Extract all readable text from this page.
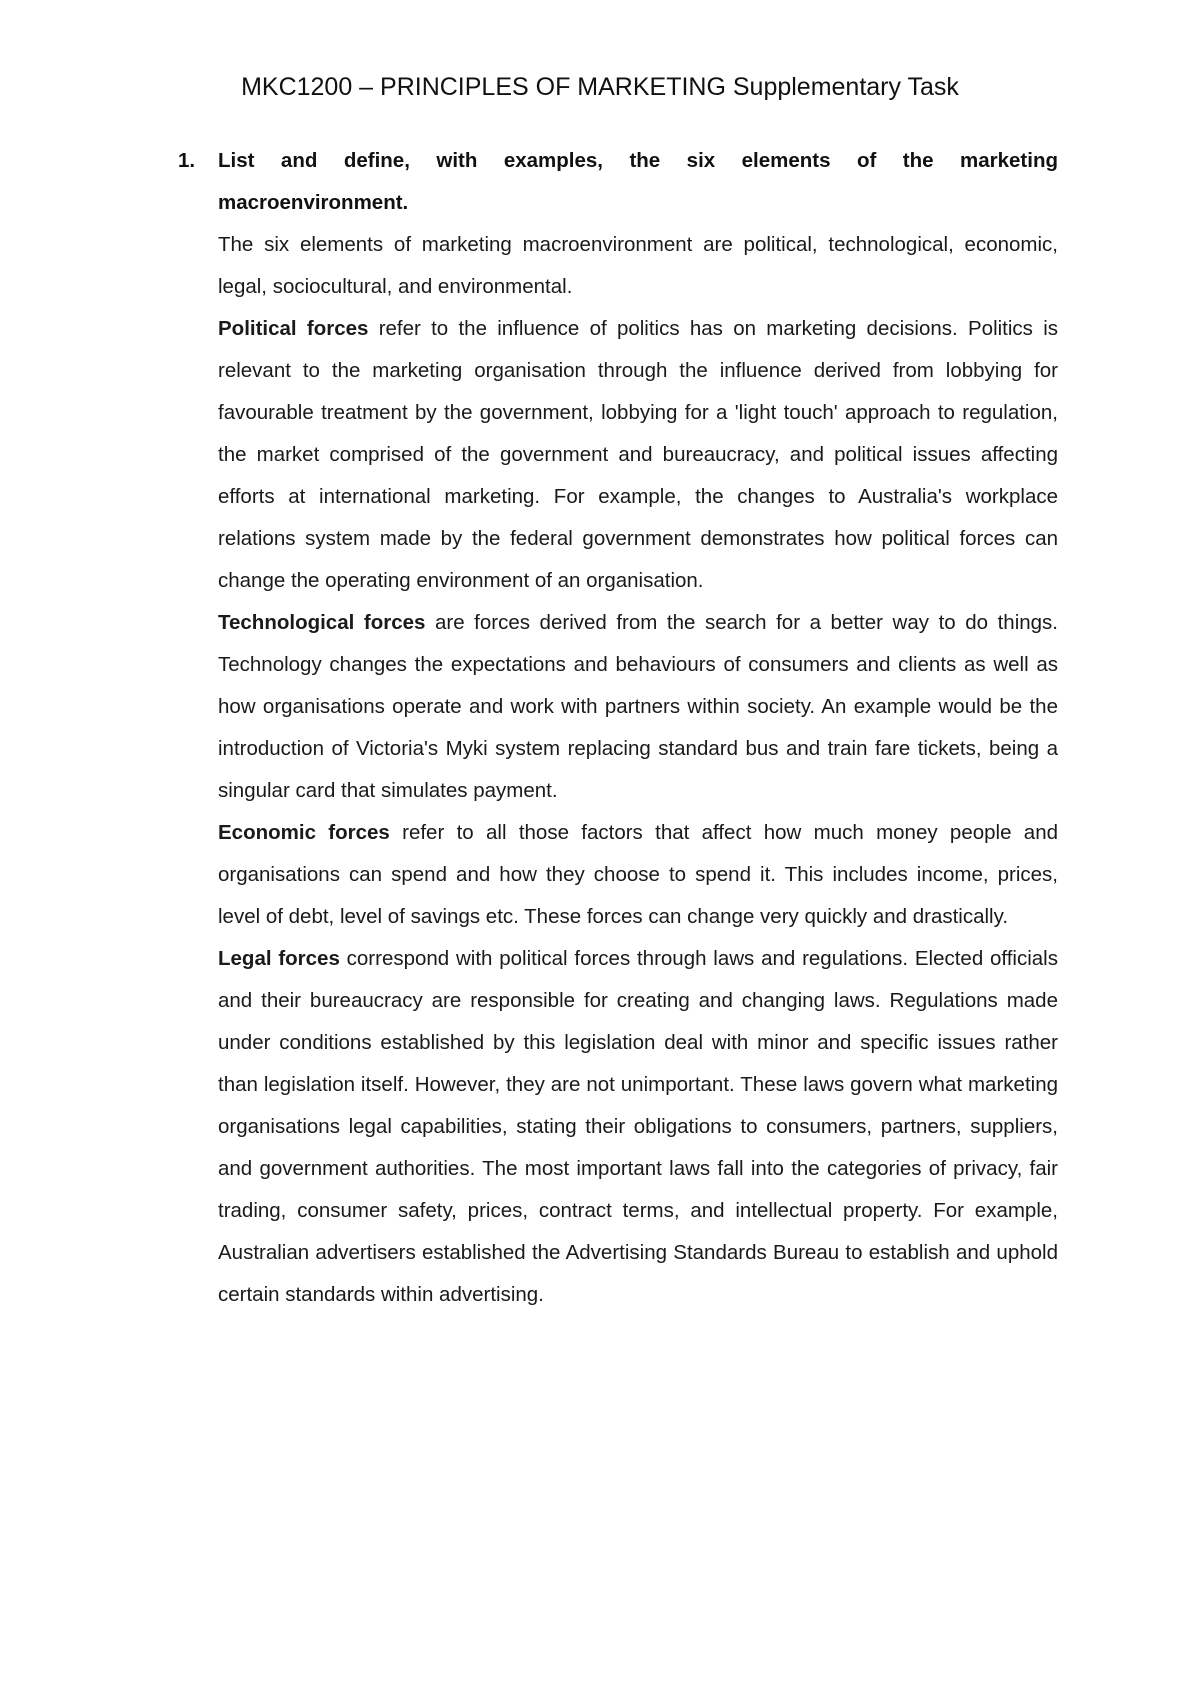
MKC1200 – PRINCIPLES OF MARKETING Supplementary Task
1.	List and define, with examples, the six elements of the marketing macroenvironment.

The six elements of marketing macroenvironment are political, technological, economic, legal, sociocultural, and environmental.

Political forces refer to the influence of politics has on marketing decisions. Politics is relevant to the marketing organisation through the influence derived from lobbying for favourable treatment by the government, lobbying for a 'light touch' approach to regulation, the market comprised of the government and bureaucracy, and political issues affecting efforts at international marketing. For example, the changes to Australia's workplace relations system made by the federal government demonstrates how political forces can change the operating environment of an organisation.

Technological forces are forces derived from the search for a better way to do things. Technology changes the expectations and behaviours of consumers and clients as well as how organisations operate and work with partners within society. An example would be the introduction of Victoria's Myki system replacing standard bus and train fare tickets, being a singular card that simulates payment.

Economic forces refer to all those factors that affect how much money people and organisations can spend and how they choose to spend it. This includes income, prices, level of debt, level of savings etc. These forces can change very quickly and drastically.

Legal forces correspond with political forces through laws and regulations. Elected officials and their bureaucracy are responsible for creating and changing laws. Regulations made under conditions established by this legislation deal with minor and specific issues rather than legislation itself. However, they are not unimportant. These laws govern what marketing organisations legal capabilities, stating their obligations to consumers, partners, suppliers, and government authorities. The most important laws fall into the categories of privacy, fair trading, consumer safety, prices, contract terms, and intellectual property. For example, Australian advertisers established the Advertising Standards Bureau to establish and uphold certain standards within advertising.
